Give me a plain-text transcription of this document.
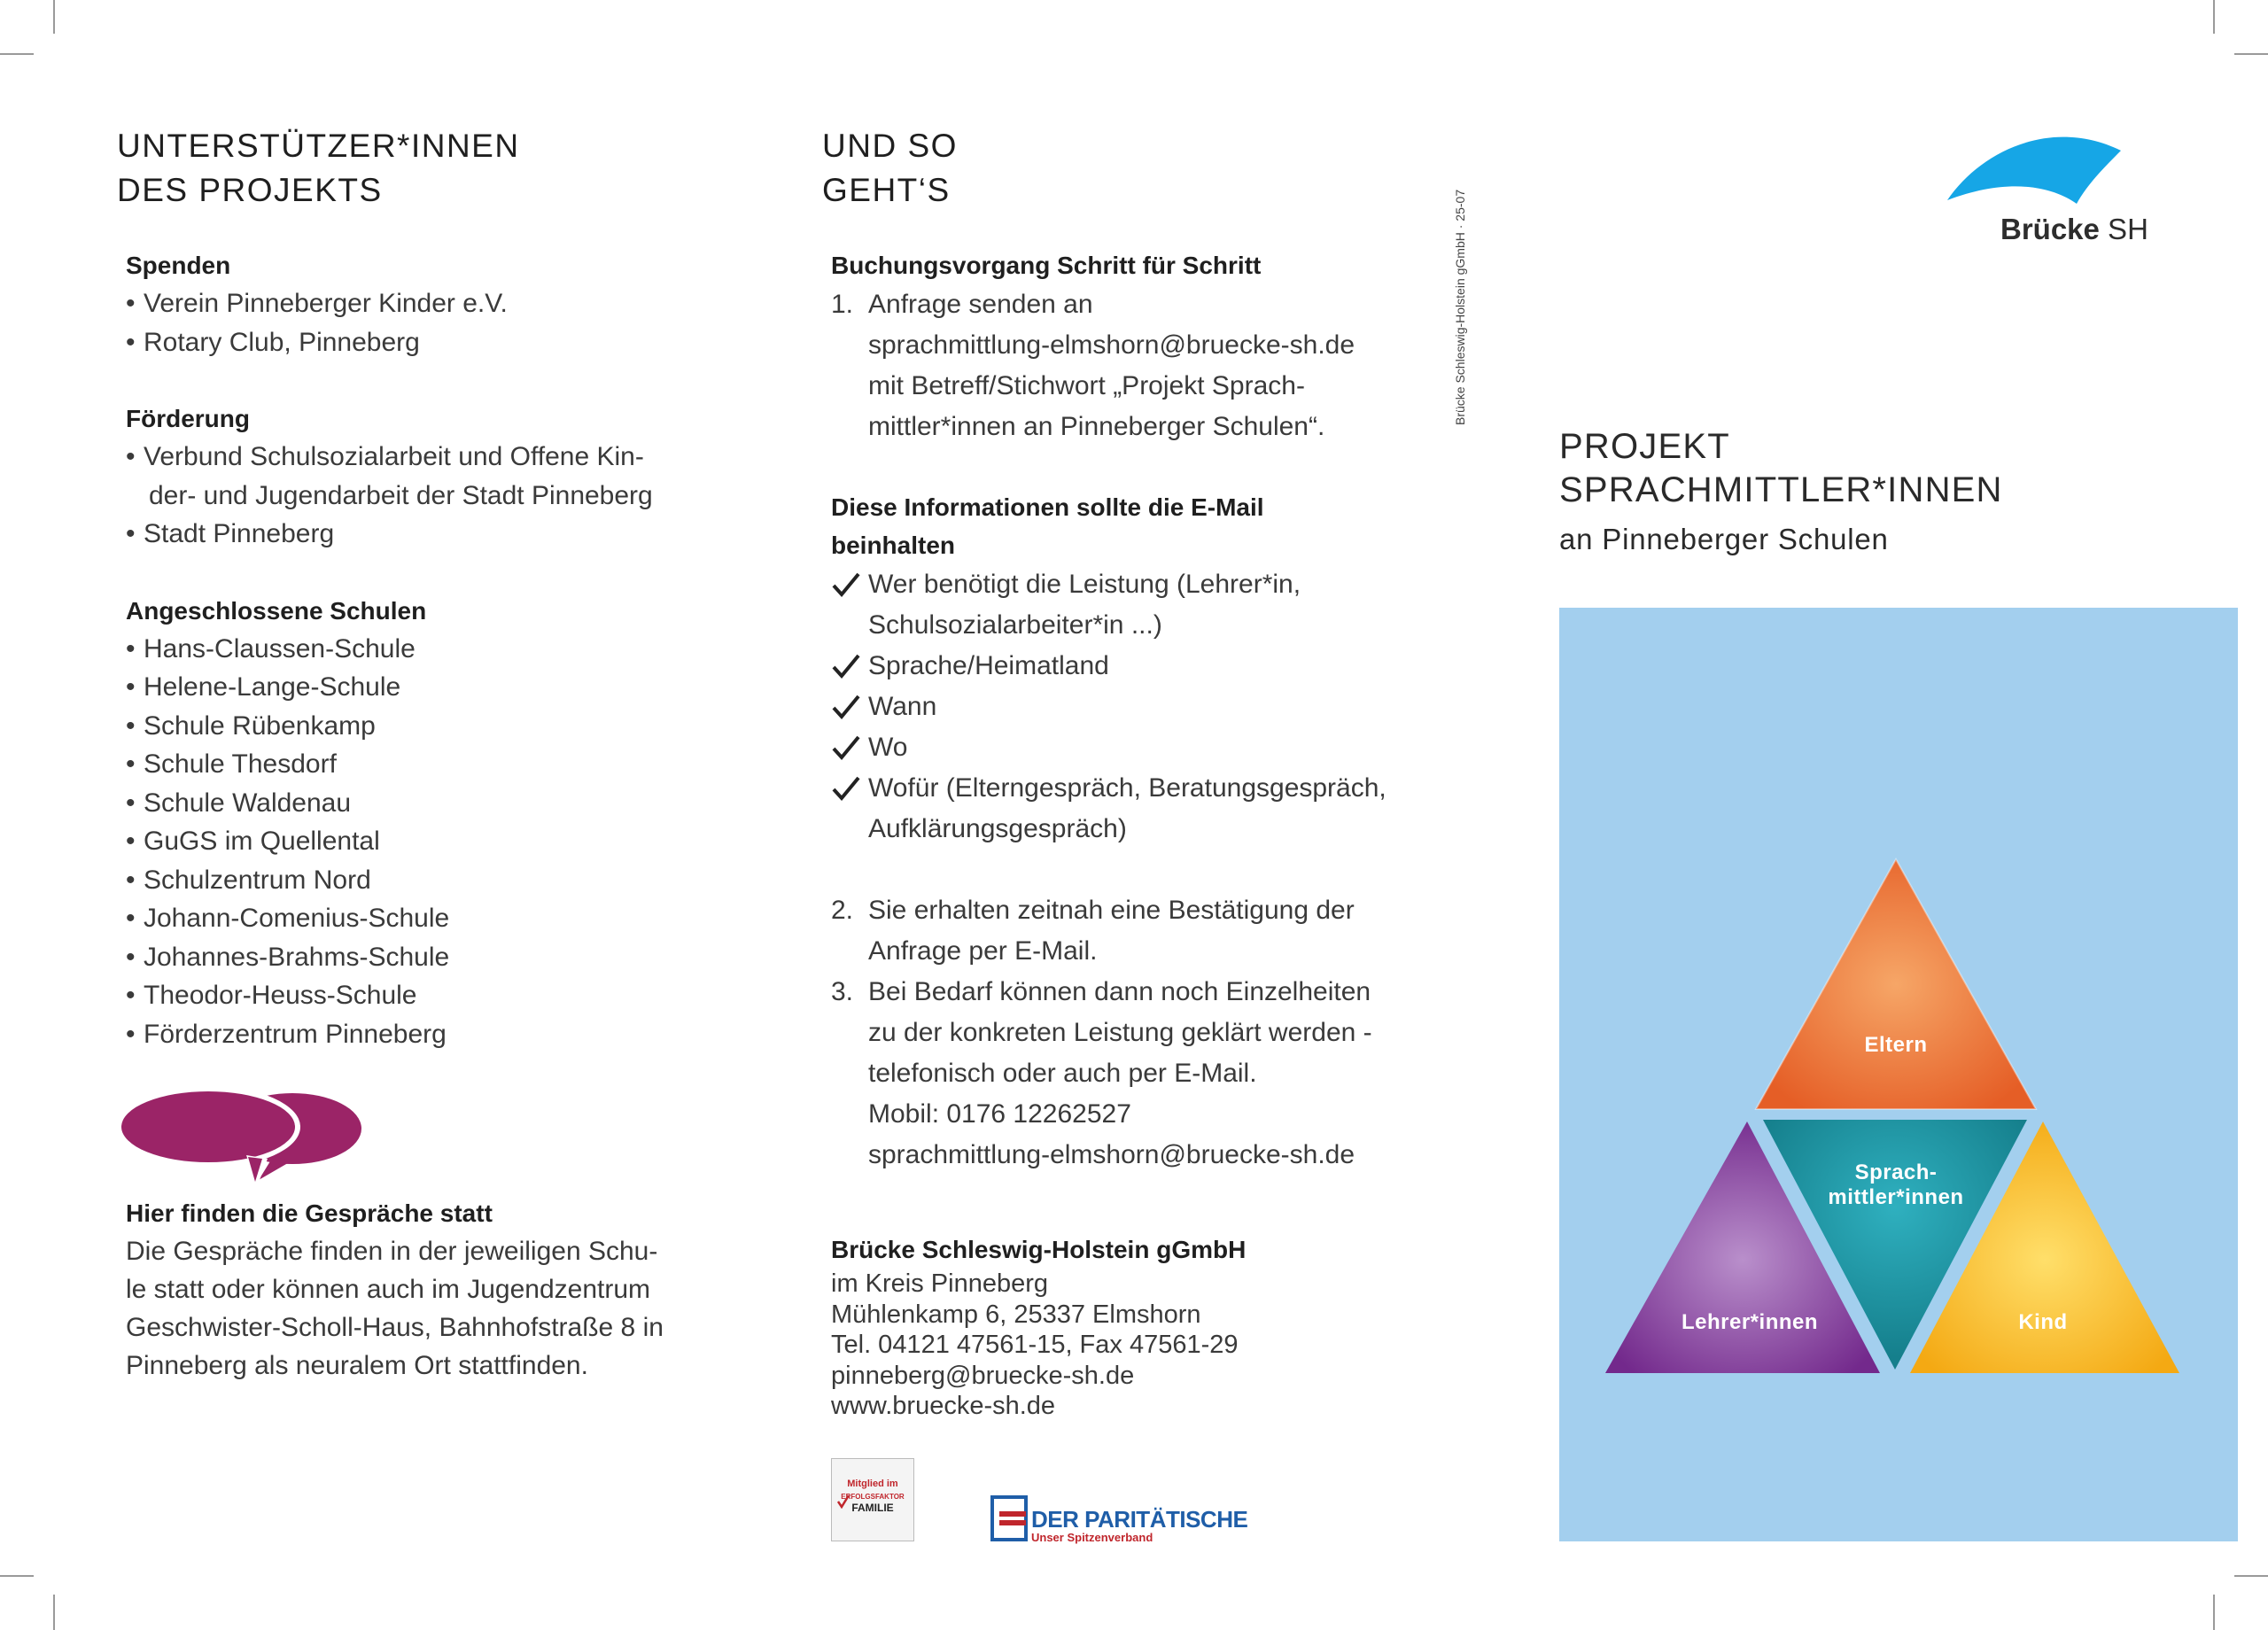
UNTERSTÜTZER*INNEN
DES PROJEKTS
Spenden
• Verein Pinneberger Kinder e.V.
• Rotary Club, Pinneberg
Förderung
• Verbund Schulsozialarbeit und Offene Kin-
der- und Jugendarbeit der Stadt Pinneberg
• Stadt Pinneberg
Angeschlossene Schulen
• Hans-Claussen-Schule
• Helene-Lange-Schule
• Schule Rübenkamp
• Schule Thesdorf
• Schule Waldenau
• GuGS im Quellental
• Schulzentrum Nord
• Johann-Comenius-Schule
• Johannes-Brahms-Schule
• Theodor-Heuss-Schule
• Förderzentrum Pinneberg
Hier finden die Gespräche statt
Die Gespräche finden in der jeweiligen Schu-
le statt oder können auch im Jugendzentrum
Geschwister-Scholl-Haus, Bahnhofstraße 8 in
Pinneberg als neuralem Ort stattfinden.
UND SO
GEHT‘S
Buchungsvorgang Schritt für Schritt
1. Anfrage senden an
sprachmittlung-elmshorn@bruecke-sh.de
mit Betreff/Stichwort „Projekt Sprach-
mittler*innen an Pinneberger Schulen“.
Diese Informationen sollte die E-Mail
beinhalten
Wer benötigt die Leistung (Lehrer*in,
Schulsozialarbeiter*in ...)
Sprache/Heimatland
Wann
Wo
Wofür (Elterngespräch, Beratungsgespräch,
Aufklärungsgespräch)
2. Sie erhalten zeitnah eine Bestätigung der
Anfrage per E-Mail.
3. Bei Bedarf können dann noch Einzelheiten
zu der konkreten Leistung geklärt werden -
telefonisch oder auch per E-Mail.
Mobil: 0176 12262527
sprachmittlung-elmshorn@bruecke-sh.de
Brücke Schleswig-Holstein gGmbH
im Kreis Pinneberg
Mühlenkamp 6, 25337 Elmshorn
Tel. 04121 47561-15, Fax 47561-29
pinneberg@bruecke-sh.de
www.bruecke-sh.de
Brücke Schleswig-Holstein gGmbH · 25-07
Mitglied im
ERFOLGSFAKTOR
FAMILIE	DER PARITÄTISCHE
Unser Spitzenverband
Brücke SH
PROJEKT
SPRACHMITTLER*INNEN
an Pinneberger Schulen
Eltern
Sprach-
mittler*innen
Lehrer*innen	Kind
